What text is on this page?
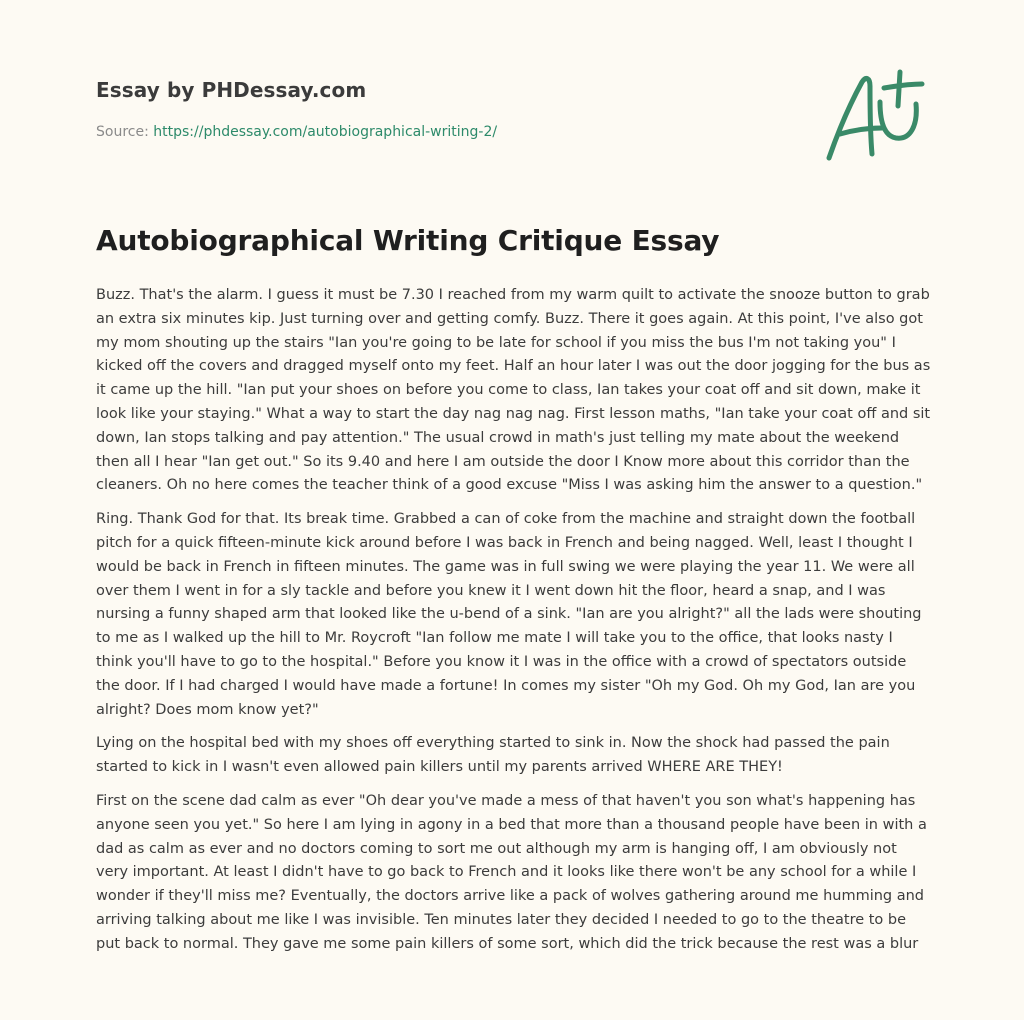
Essay by PHDessay.com

Source: https://phdessay.com/autobiographical-writing-2/

Autobiographical Writing Critique Essay

Buzz. That's the alarm. I guess it must be 7.30 I reached from my warm quilt to activate the snooze button to grab an extra six minutes kip. Just turning over and getting comfy. Buzz. There it goes again. At this point, I've also got my mom shouting up the stairs "Ian you're going to be late for school if you miss the bus I'm not taking you" I kicked off the covers and dragged myself onto my feet. Half an hour later I was out the door jogging for the bus as it came up the hill. "Ian put your shoes on before you come to class, Ian takes your coat off and sit down, make it look like your staying." What a way to start the day nag nag nag. First lesson maths, "Ian take your coat off and sit down, Ian stops talking and pay attention." The usual crowd in math's just telling my mate about the weekend then all I hear "Ian get out." So its 9.40 and here I am outside the door I Know more about this corridor than the cleaners. Oh no here comes the teacher think of a good excuse "Miss I was asking him the answer to a question."

Ring. Thank God for that. Its break time. Grabbed a can of coke from the machine and straight down the football pitch for a quick fifteen-minute kick around before I was back in French and being nagged. Well, least I thought I would be back in French in fifteen minutes. The game was in full swing we were playing the year 11. We were all over them I went in for a sly tackle and before you knew it I went down hit the floor, heard a snap, and I was nursing a funny shaped arm that looked like the u-bend of a sink. "Ian are you alright?" all the lads were shouting to me as I walked up the hill to Mr. Roycroft "Ian follow me mate I will take you to the office, that looks nasty I think you'll have to go to the hospital." Before you know it I was in the office with a crowd of spectators outside the door. If I had charged I would have made a fortune! In comes my sister "Oh my God. Oh my God, Ian are you alright? Does mom know yet?"

Lying on the hospital bed with my shoes off everything started to sink in. Now the shock had passed the pain started to kick in I wasn't even allowed pain killers until my parents arrived WHERE ARE THEY!

First on the scene dad calm as ever "Oh dear you've made a mess of that haven't you son what's happening has anyone seen you yet." So here I am lying in agony in a bed that more than a thousand people have been in with a dad as calm as ever and no doctors coming to sort me out although my arm is hanging off, I am obviously not very important. At least I didn't have to go back to French and it looks like there won't be any school for a while I wonder if they'll miss me? Eventually, the doctors arrive like a pack of wolves gathering around me humming and arriving talking about me like I was invisible. Ten minutes later they decided I needed to go to the theatre to be put back to normal. They gave me some pain killers of some sort, which did the trick because the rest was a blur
